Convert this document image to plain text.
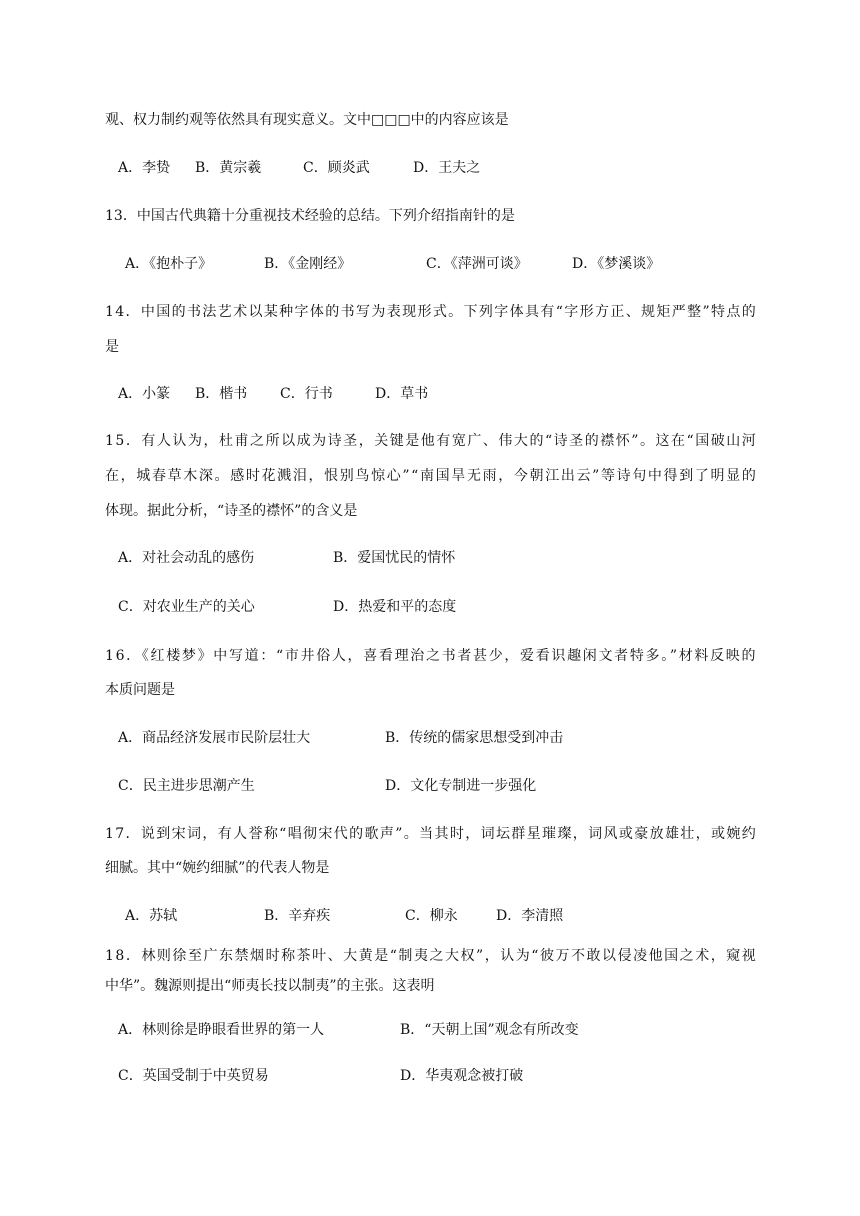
观、权力制约观等依然具有现实意义。文中□□□中的内容应该是
A．李贽 B．黄宗羲	C．顾炎武	D．王夫之
13．中国古代典籍十分重视技术经验的总结。下列介绍指南针的是
A．《抱朴子》	B．《金刚经》	C．《萍洲可谈》	D．《梦溪谈》
14．中国的书法艺术以某种字体的书写为表现形式。下列字体具有“字形方正、规矩严整”特点的
是
A．小篆 B．楷书 C．行书	D．草书
15．有人认为，杜甫之所以成为诗圣，关键是他有宽广、伟大的“诗圣的襟怀”。这在“国破山河
在，城春草木深。感时花溅泪，恨别鸟惊心”“南国旱无雨，今朝江出云”等诗句中得到了明显的
体现。据此分析，“诗圣的襟怀”的含义是
A．对社会动乱的感伤	B．爱国忧民的情怀
C．对农业生产的关心	D．热爱和平的态度
16．《红楼梦》中写道：“市井俗人，喜看理治之书者甚少，爱看识趣闲文者特多。”材料反映的
本质问题是
A．商品经济发展市民阶层壮大	B．传统的儒家思想受到冲击
C．民主进步思潮产生	D．文化专制进一步强化
17．说到宋词，有人誉称“唱彻宋代的歌声”。当其时，词坛群星璀璨，词风或豪放雄壮，或婉约
细腻。其中“婉约细腻”的代表人物是
A．苏轼	B．辛弃疾	C．柳永	D．李清照
18．林则徐至广东禁烟时称茶叶、大黄是“制夷之大权”，认为“彼万不敢以侵凌他国之术，窥视
中华”。魏源则提出“师夷长技以制夷”的主张。这表明
A．林则徐是睁眼看世界的第一人	B．“天朝上国”观念有所改变
C．英国受制于中英贸易	D．华夷观念被打破
